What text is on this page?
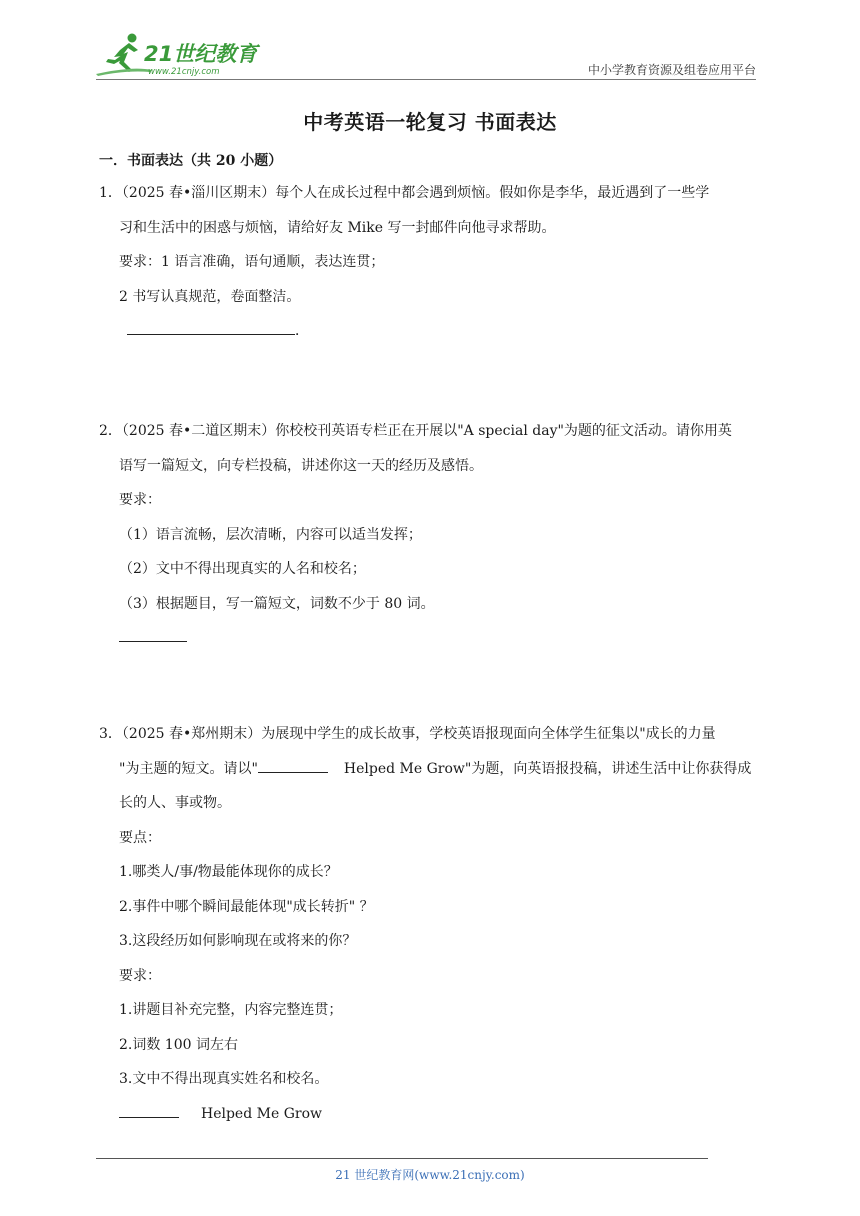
21世纪教育
www.21cnjy.com	中小学教育资源及组卷应用平台
中考英语一轮复习 书面表达
一．书面表达（共 20 小题）
1．（2025 春•淄川区期末）每个人在成长过程中都会遇到烦恼。假如你是李华，最近遇到了一些学
习和生活中的困惑与烦恼，请给好友 Mike 写一封邮件向他寻求帮助。
要求：1 语言准确，语句通顺，表达连贯；
2 书写认真规范，卷面整洁。
．
2．（2025 春•二道区期末）你校校刊英语专栏正在开展以"A special day"为题的征文活动。请你用英
语写一篇短文，向专栏投稿，讲述你这一天的经历及感悟。
要求：
（1）语言流畅，层次清晰，内容可以适当发挥；
（2）文中不得出现真实的人名和校名；
（3）根据题目，写一篇短文，词数不少于 80 词。
3．（2025 春•郑州期末）为展现中学生的成长故事，学校英语报现面向全体学生征集以"成长的力量
"为主题的短文。请以"	Helped Me Grow"为题，向英语报投稿，讲述生活中让你获得成
长的人、事或物。
要点：
1.哪类人/事/物最能体现你的成长？
2.事件中哪个瞬间最能体现"成长转折" ？
3.这段经历如何影响现在或将来的你？
要求：
1.讲题目补充完整，内容完整连贯；
2.词数 100 词左右
3.文中不得出现真实姓名和校名。
Helped Me Grow
21 世纪教育网(www.21cnjy.com)
